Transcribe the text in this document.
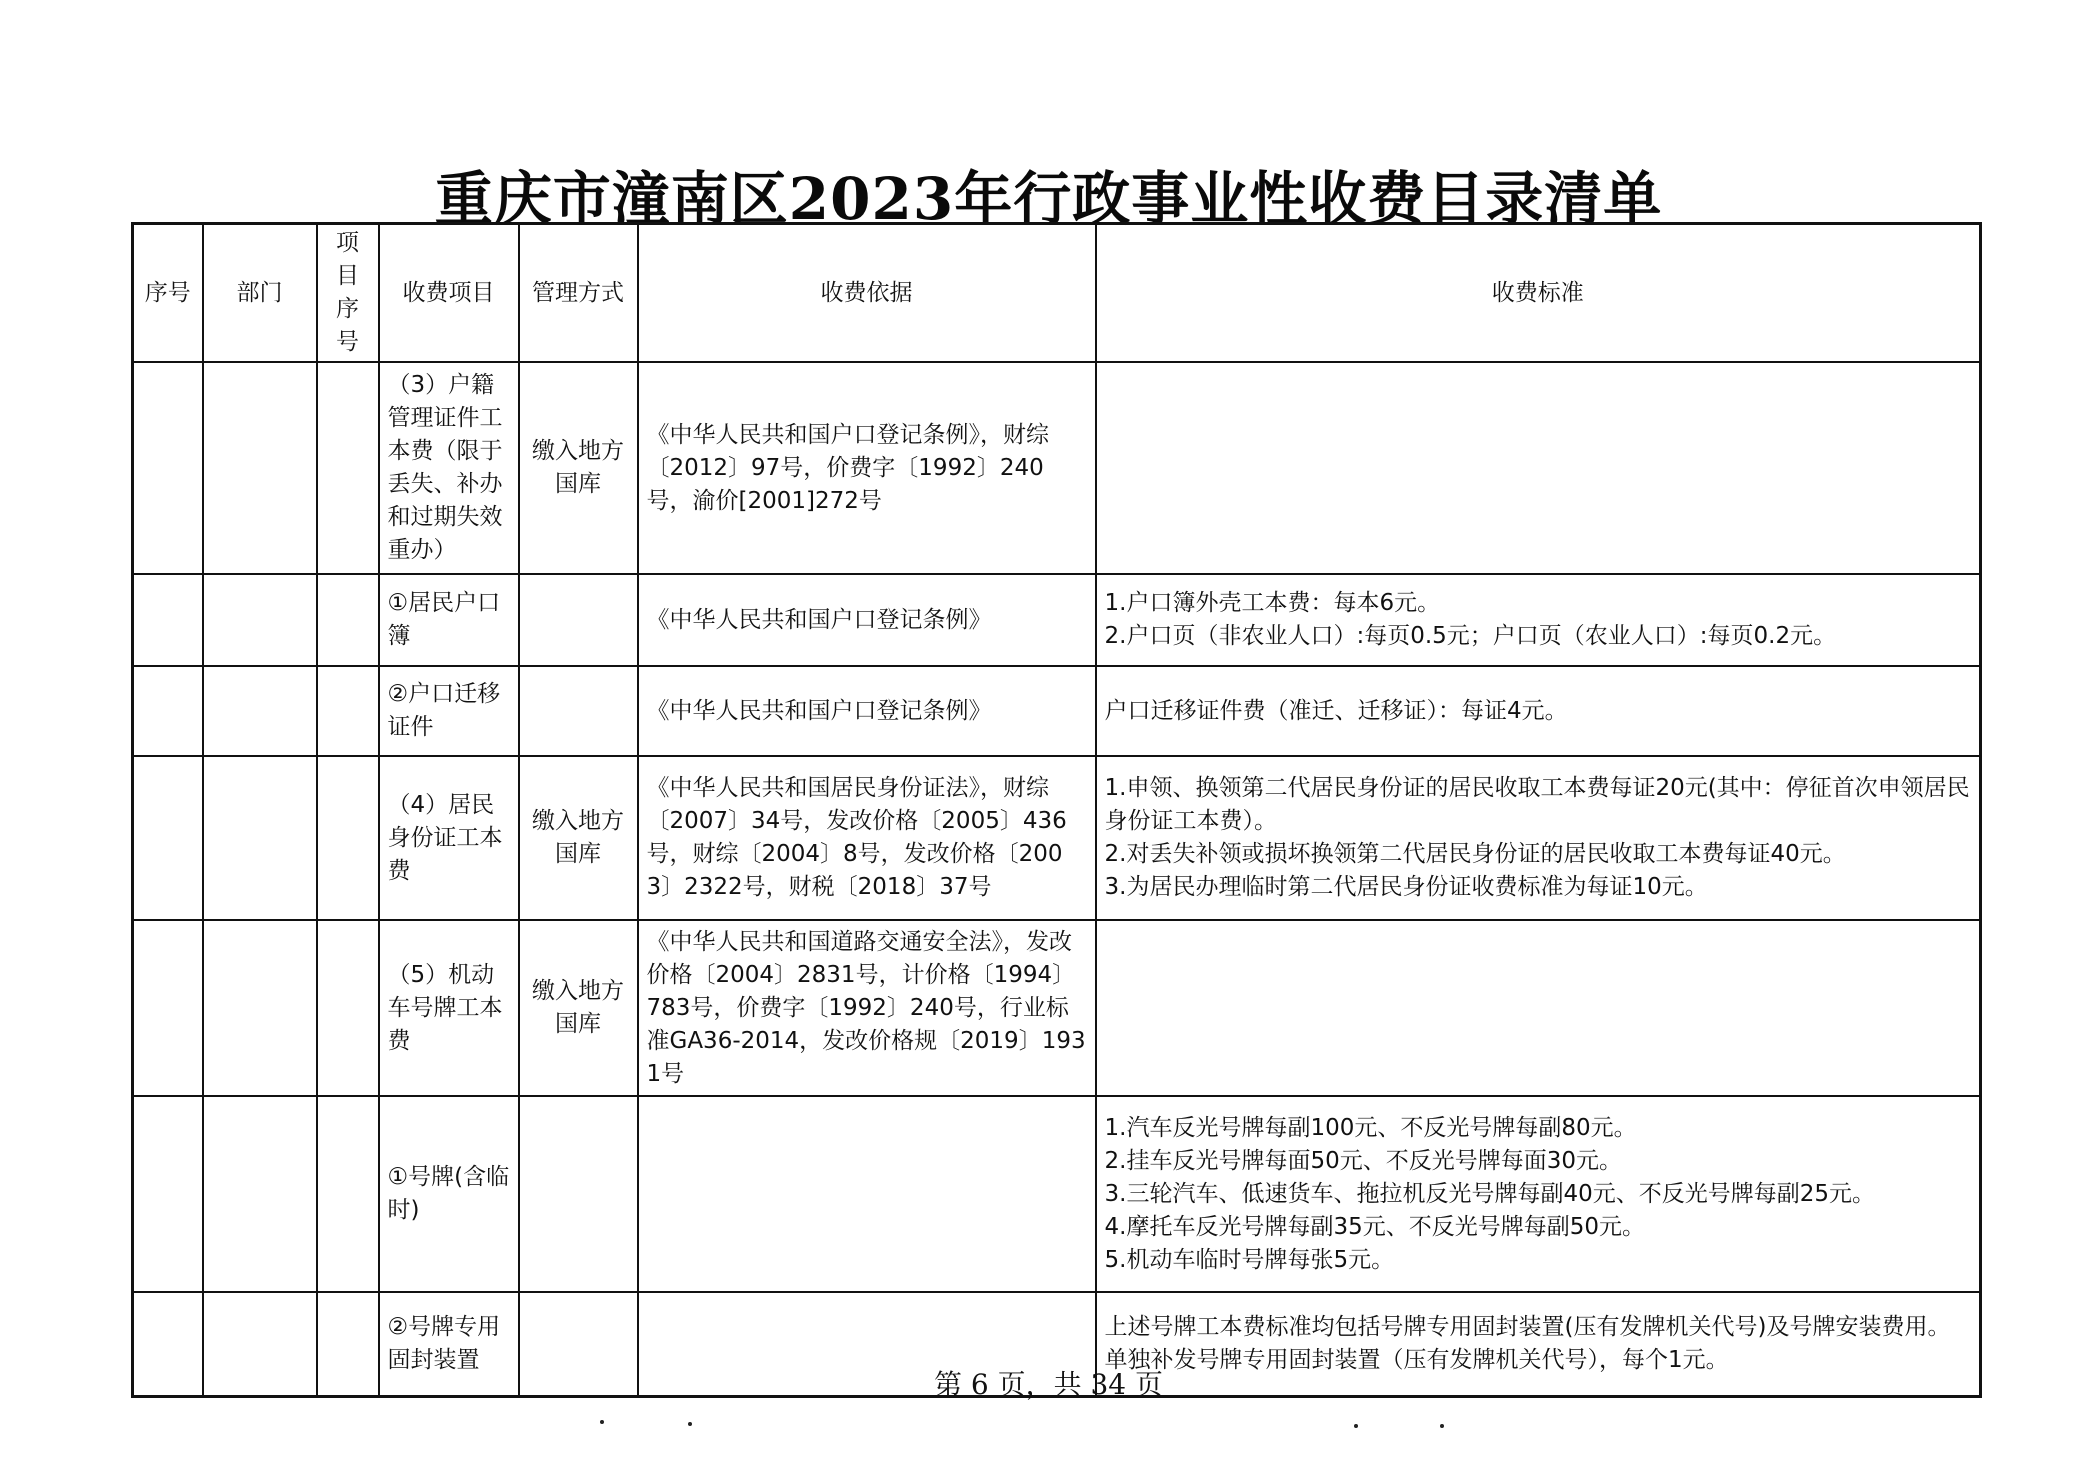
重庆市潼南区2023年行政事业性收费目录清单
序号	部门	项目序号	收费项目	管理方式	收费依据	收费标准
			（3）户籍管理证件工本费（限于丢失、补办和过期失效重办）	缴入地方国库	《中华人民共和国户口登记条例》，财综〔2012〕97号，价费字〔1992〕240号，渝价[2001]272号	
			①居民户口簿		《中华人民共和国户口登记条例》	1.户口簿外壳工本费：每本6元。
2.户口页（非农业人口）:每页0.5元；户口页（农业人口）:每页0.2元。

			②户口迁移证件		《中华人民共和国户口登记条例》	户口迁移证件费（准迁、迁移证）：每证4元。

			（4）居民身份证工本费	缴入地方国库	《中华人民共和国居民身份证法》，财综〔2007〕34号，发改价格〔2005〕436号，财综〔2004〕8号，发改价格〔2003〕2322号，财税〔2018〕37号	1.申领、换领第二代居民身份证的居民收取工本费每证20元(其中：停征首次申领居民身份证工本费）。
2.对丢失补领或损坏换领第二代居民身份证的居民收取工本费每证40元。
3.为居民办理临时第二代居民身份证收费标准为每证10元。

			（5）机动车号牌工本费	缴入地方国库	《中华人民共和国道路交通安全法》，发改价格〔2004〕2831号，计价格〔1994〕783号，价费字〔1992〕240号，行业标准GA36-2014，发改价格规〔2019〕1931号	
			①号牌(含临时)			1.汽车反光号牌每副100元、不反光号牌每副80元。
2.挂车反光号牌每面50元、不反光号牌每面30元。
3.三轮汽车、低速货车、拖拉机反光号牌每副40元、不反光号牌每副25元。
4.摩托车反光号牌每副35元、不反光号牌每副50元。
5.机动车临时号牌每张5元。

			②号牌专用固封装置			上述号牌工本费标准均包括号牌专用固封装置(压有发牌机关代号)及号牌安装费用。单独补发号牌专用固封装置（压有发牌机关代号），每个1元。
第 6 页，共 34 页
